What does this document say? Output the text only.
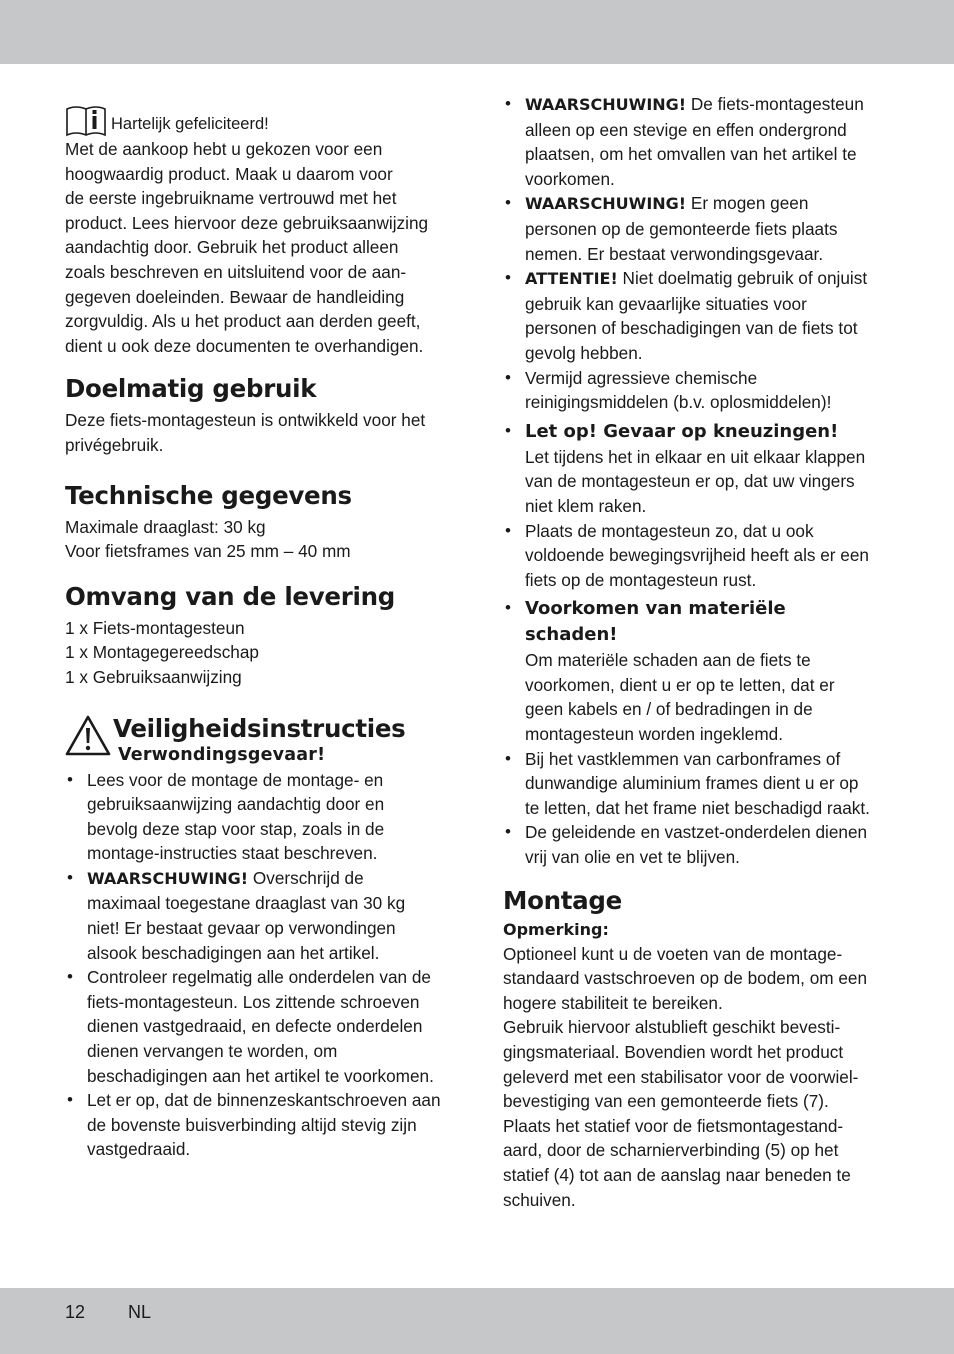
Hartelijk gefeliciteerd!

Met de aankoop hebt u gekozen voor een
hoogwaardig product. Maak u daarom voor
de eerste ingebruikname vertrouwd met het
product. Lees hiervoor deze gebruiksaanwijzing
aandachtig door. Gebruik het product alleen
zoals beschreven en uitsluitend voor de aan-
gegeven doeleinden. Bewaar de handleiding
zorgvuldig. Als u het product aan derden geeft,
dient u ook deze documenten te overhandigen.

Doelmatig gebruik

Deze fiets-montagesteun is ontwikkeld voor het
privégebruik.

Technische gegevens

Maximale draaglast: 30 kg
Voor fietsframes van 25 mm – 40 mm

Omvang van de levering

1 x Fiets-montagesteun
1 x Montagegereedschap
1 x Gebruiksaanwijzing

Veiligheidsinstructies
Verwondingsgevaar!
• Lees voor de montage de montage- en
gebruiksaanwijzing aandachtig door en
bevolg deze stap voor stap, zoals in de
montage-instructies staat beschreven.
• WAARSCHUWING! Overschrijd de
maximaal toegestane draaglast van 30 kg
niet! Er bestaat gevaar op verwondingen
alsook beschadigingen aan het artikel.
• Controleer regelmatig alle onderdelen van de
fiets-montagesteun. Los zittende schroeven
dienen vastgedraaid, en defecte onderdelen
dienen vervangen te worden, om
beschadigingen aan het artikel te voorkomen.
• Let er op, dat de binnenzeskantschroeven aan
de bovenste buisverbinding altijd stevig zijn
vastgedraaid.
• WAARSCHUWING! De fiets-montagesteun
alleen op een stevige en effen ondergrond
plaatsen, om het omvallen van het artikel te
voorkomen.
• WAARSCHUWING! Er mogen geen
personen op de gemonteerde fiets plaats
nemen. Er bestaat verwondingsgevaar.
• ATTENTIE! Niet doelmatig gebruik of onjuist
gebruik kan gevaarlijke situaties voor
personen of beschadigingen van de fiets tot
gevolg hebben.
• Vermijd agressieve chemische
reinigingsmiddelen (b.v. oplosmiddelen)!
• Let op! Gevaar op kneuzingen!
Let tijdens het in elkaar en uit elkaar klappen
van de montagesteun er op, dat uw vingers
niet klem raken.
• Plaats de montagesteun zo, dat u ook
voldoende bewegingsvrijheid heeft als er een
fiets op de montagesteun rust.
• Voorkomen van materiële
schaden!
Om materiële schaden aan de fiets te
voorkomen, dient u er op te letten, dat er
geen kabels en / of bedradingen in de
montagesteun worden ingeklemd.
• Bij het vastklemmen van carbonframes of
dunwandige aluminium frames dient u er op
te letten, dat het frame niet beschadigd raakt.
• De geleidende en vastzet-onderdelen dienen
vrij van olie en vet te blijven.
Montage
Opmerking:

Optioneel kunt u de voeten van de montage-
standaard vastschroeven op de bodem, om een
hogere stabiliteit te bereiken.
Gebruik hiervoor alstublieft geschikt bevesti-
gingsmateriaal. Bovendien wordt het product
geleverd met een stabilisator voor de voorwiel-
bevestiging van een gemonteerde fiets (7).
Plaats het statief voor de fietsmontagestand-
aard, door de scharnierverbinding (5) op het
statief (4) tot aan de aanslag naar beneden te
schuiven.

12 NL
